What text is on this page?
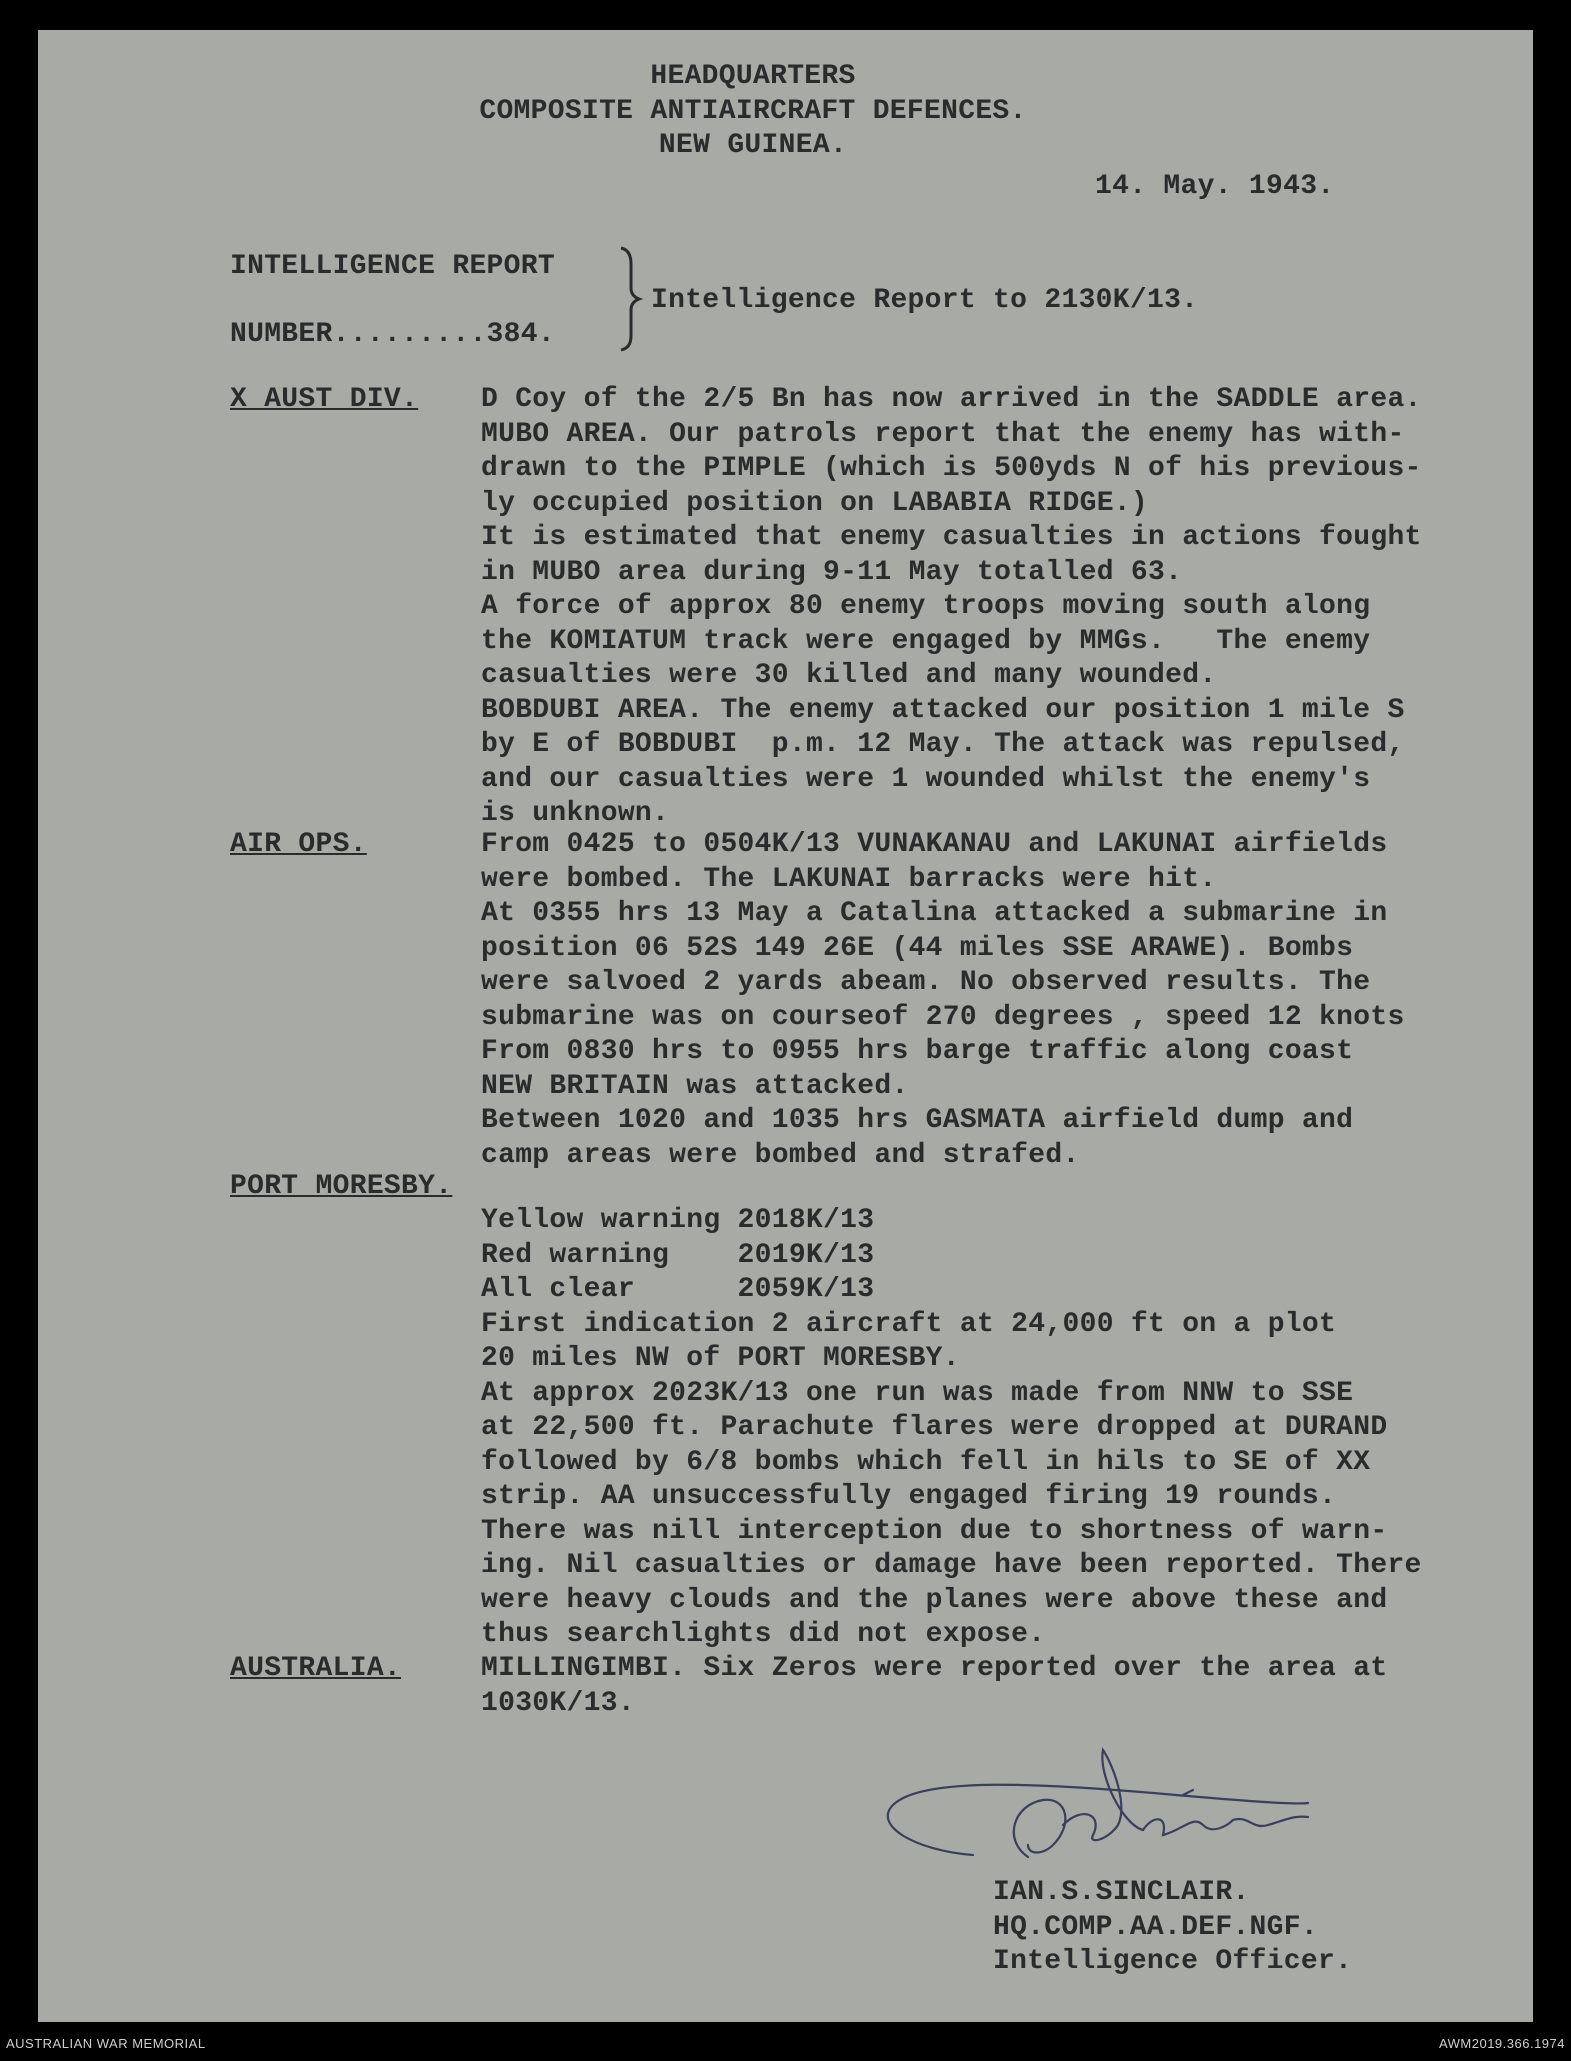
HEADQUARTERS
COMPOSITE ANTIAIRCRAFT DEFENCES.
NEW GUINEA.
14. May. 1943.
INTELLIGENCE REPORT
NUMBER.........384.
Intelligence Report to 2130K/13.
X AUST DIV. D Coy of the 2/5 Bn has now arrived in the SADDLE area.
MUBO AREA. Our patrols report that the enemy has with-
drawn to the PIMPLE (which is 500yds N of his previous-
ly occupied position on LABABIA RIDGE.)
It is estimated that enemy casualties in actions fought
in MUBO area during 9-11 May totalled 63.
A force of approx 80 enemy troops moving south along
the KOMIATUM track were engaged by MMGs.   The enemy
casualties were 30 killed and many wounded.
BOBDUBI AREA. The enemy attacked our position 1 mile S
by E of BOBDUBI  p.m. 12 May. The attack was repulsed,
and our casualties were 1 wounded whilst the enemy's
is unknown.
AIR OPS.	From 0425 to 0504K/13 VUNAKANAU and LAKUNAI airfields
were bombed. The LAKUNAI barracks were hit.
At 0355 hrs 13 May a Catalina attacked a submarine in
position 06 52S 149 26E (44 miles SSE ARAWE). Bombs
were salvoed 2 yards abeam. No observed results. The
submarine was on courseof 270 degrees , speed 12 knots
From 0830 hrs to 0955 hrs barge traffic along coast
NEW BRITAIN was attacked.
Between 1020 and 1035 hrs GASMATA airfield dump and
camp areas were bombed and strafed.
PORT MORESBY.
Yellow warning 2018K/13
Red warning    2019K/13
All clear      2059K/13
First indication 2 aircraft at 24,000 ft on a plot
20 miles NW of PORT MORESBY.
At approx 2023K/13 one run was made from NNW to SSE
at 22,500 ft. Parachute flares were dropped at DURAND
followed by 6/8 bombs which fell in hils to SE of XX
strip. AA unsuccessfully engaged firing 19 rounds.
There was nill interception due to shortness of warn-
ing. Nil casualties or damage have been reported. There
were heavy clouds and the planes were above these and
thus searchlights did not expose.
AUSTRALIA.	MILLINGIMBI. Six Zeros were reported over the area at
1030K/13.
IAN.S.SINCLAIR.
HQ.COMP.AA.DEF.NGF.
Intelligence Officer.
AUSTRALIAN WAR MEMORIAL	AWM2019.366.1974
